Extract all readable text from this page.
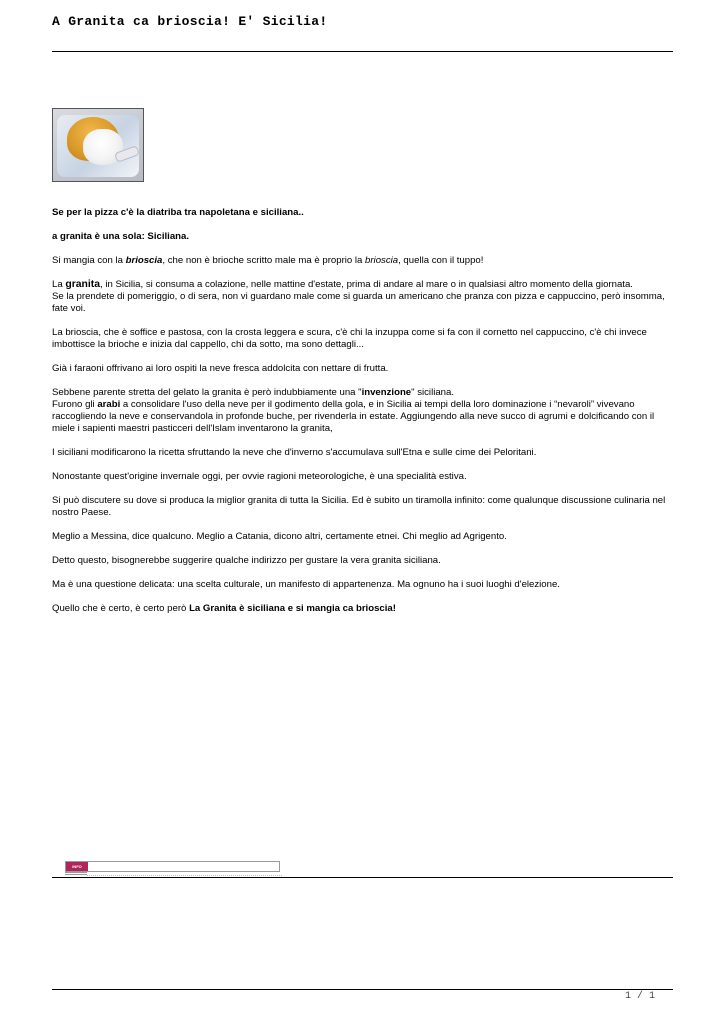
A Granita ca brioscia! E' Sicilia!

Se per la pizza c'è la diatriba tra napoletana e siciliana..

a granita è una sola: Siciliana.

Si mangia con la brioscia, che non è brioche scritto male ma è proprio la brioscia, quella con il tuppo!

La granita, in Sicilia, si consuma a colazione, nelle mattine d'estate, prima di andare al mare o in qualsiasi altro momento della giornata.
Se la prendete di pomeriggio, o di sera, non vi guardano male come si guarda un americano che pranza con pizza e cappuccino, però insomma, fate voi.

La brioscia, che è soffice e pastosa, con la crosta leggera e scura, c'è chi la inzuppa come si fa con il cornetto nel cappuccino, c'è chi invece imbottisce la brioche e inizia dal cappello, chi da sotto, ma sono dettagli...

Già i faraoni offrivano ai loro ospiti la neve fresca addolcita con nettare di frutta.

Sebbene parente stretta del gelato la granita è però indubbiamente una "invenzione" siciliana.
Furono gli arabi a consolidare l'uso della neve per il godimento della gola, e in Sicilia ai tempi della loro dominazione i “nevaroli” vivevano raccogliendo la neve e conservandola in profonde buche, per rivenderla in estate. Aggiungendo alla neve succo di agrumi e dolcificando con il miele i sapienti maestri pasticceri dell'Islam inventarono la granita,

I siciliani modificarono la ricetta sfruttando la neve che d'inverno s'accumulava sull'Etna e sulle cime dei Peloritani.

Nonostante quest'origine invernale oggi, per ovvie ragioni meteorologiche, è una specialità estiva.

Si può discutere su dove si produca la miglior granita di tutta la Sicilia. Ed è subito un tiramolla infinito: come qualunque discussione culinaria nel nostro Paese.

Meglio a Messina, dice qualcuno. Meglio a Catania, dicono altri, certamente etnei. Chi meglio ad Agrigento.

Detto questo, bisognerebbe suggerire qualche indirizzo per gustare la vera granita siciliana.

Ma è una questione delicata: una scelta culturale, un manifesto di appartenenza. Ma ognuno ha i suoi luoghi d'elezione.

Quello che è certo, è certo però La Granita è siciliana e si mangia ca brioscia!

INFO
1 / 1
